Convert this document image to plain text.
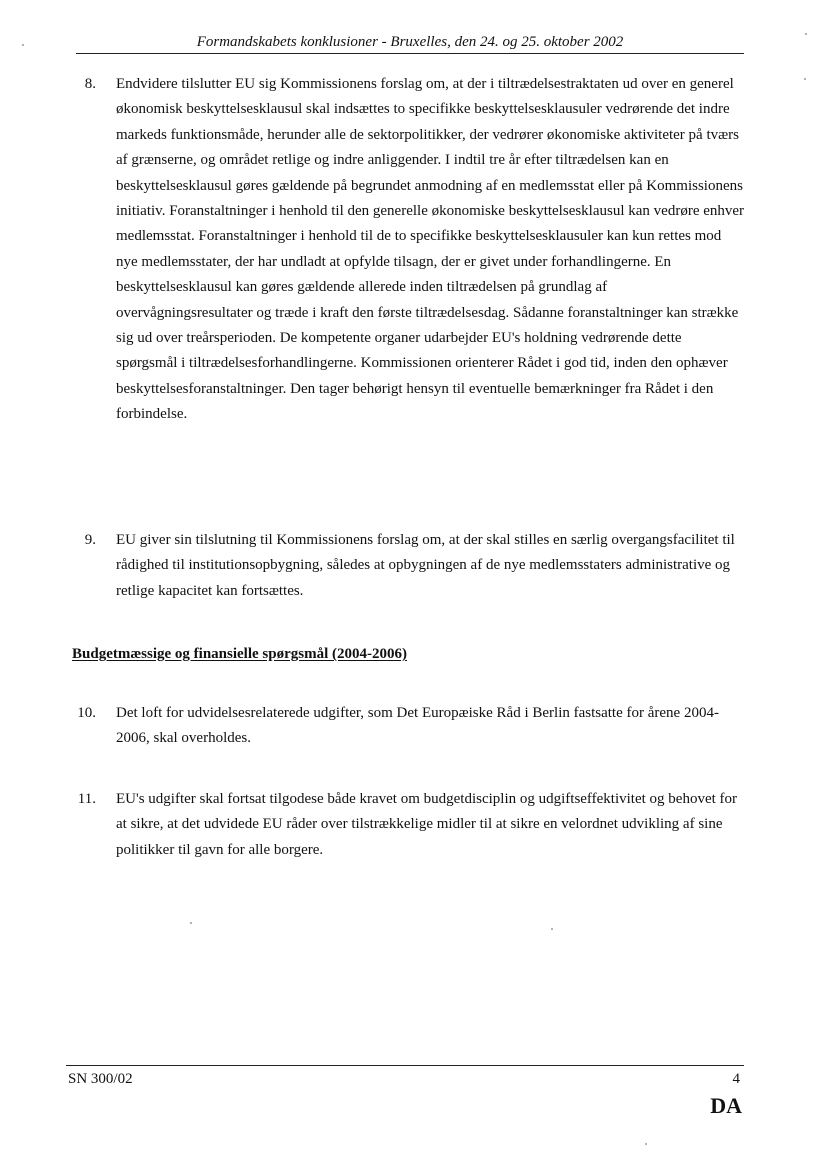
Formandskabets konklusioner - Bruxelles, den 24. og 25. oktober 2002
8. Endvidere tilslutter EU sig Kommissionens forslag om, at der i tiltrædelsestraktaten ud over en generel økonomisk beskyttelsesklausul skal indsættes to specifikke beskyttelsesklausuler vedrørende det indre markeds funktionsmåde, herunder alle de sektorpolitikker, der vedrører økonomiske aktiviteter på tværs af grænserne, og området retlige og indre anliggender. I indtil tre år efter tiltrædelsen kan en beskyttelsesklausul gøres gældende på begrundet anmodning af en medlemsstat eller på Kommissionens initiativ. Foranstaltninger i henhold til den generelle økonomiske beskyttelsesklausul kan vedrøre enhver medlemsstat. Foranstaltninger i henhold til de to specifikke beskyttelsesklausuler kan kun rettes mod nye medlemsstater, der har undladt at opfylde tilsagn, der er givet under forhandlingerne. En beskyttelsesklausul kan gøres gældende allerede inden tiltrædelsen på grundlag af overvågningsresultater og træde i kraft den første tiltrædelsesdag. Sådanne foranstaltninger kan strække sig ud over treårsperioden. De kompetente organer udarbejder EU's holdning vedrørende dette spørgsmål i tiltrædelsesforhandlingerne. Kommissionen orienterer Rådet i god tid, inden den ophæver beskyttelsesforanstaltninger. Den tager behørigt hensyn til eventuelle bemærkninger fra Rådet i den forbindelse.
9. EU giver sin tilslutning til Kommissionens forslag om, at der skal stilles en særlig overgangsfacilitet til rådighed til institutionsopbygning, således at opbygningen af de nye medlemsstaters administrative og retlige kapacitet kan fortsættes.
Budgetmæssige og finansielle spørgsmål (2004-2006)
10. Det loft for udvidelsesrelaterede udgifter, som Det Europæiske Råd i Berlin fastsatte for årene 2004-2006, skal overholdes.
11. EU's udgifter skal fortsat tilgodese både kravet om budgetdisciplin og udgiftseffektivitet og behovet for at sikre, at det udvidede EU råder over tilstrækkelige midler til at sikre en velordnet udvikling af sine politikker til gavn for alle borgere.
SN 300/02	4
DA
